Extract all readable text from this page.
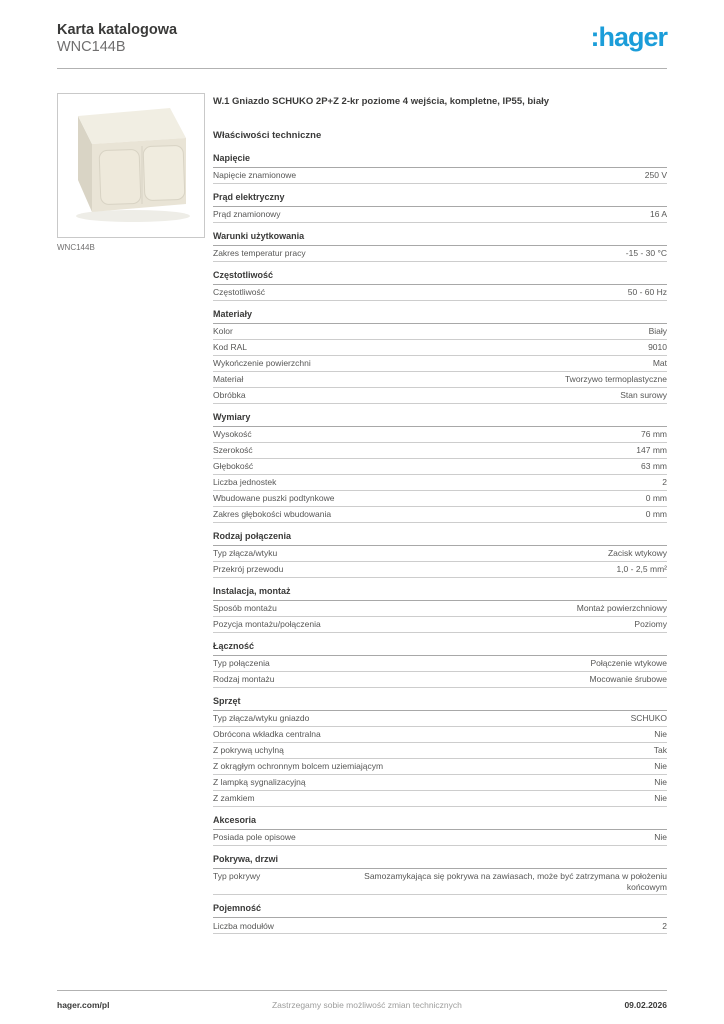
Karta katalogowa
WNC144B	:hager
WNC144B
W.1 Gniazdo SCHUKO 2P+Z 2-kr poziome 4 wejścia, kompletne, IP55, biały
Właściwości techniczne
Napięcie
Napięcie znamionowe	250 V
Prąd elektryczny
Prąd znamionowy	16 A
Warunki użytkowania
Zakres temperatur pracy	-15 - 30 °C
Częstotliwość
Częstotliwość	50 - 60 Hz
Materiały
Kolor	Biały
Kod RAL	9010
Wykończenie powierzchni	Mat
Materiał	Tworzywo termoplastyczne
Obróbka	Stan surowy
Wymiary
Wysokość	76 mm
Szerokość	147 mm
Głębokość	63 mm
Liczba jednostek	2
Wbudowane puszki podtynkowe	0 mm
Zakres głębokości wbudowania	0 mm
Rodzaj połączenia
Typ złącza/wtyku	Zacisk wtykowy
Przekrój przewodu	1,0 - 2,5 mm²
Instalacja, montaż
Sposób montażu	Montaż powierzchniowy
Pozycja montażu/połączenia	Poziomy
Łączność
Typ połączenia	Połączenie wtykowe
Rodzaj montażu	Mocowanie śrubowe
Sprzęt
Typ złącza/wtyku gniazdo	SCHUKO
Obrócona wkładka centralna	Nie
Z pokrywą uchylną	Tak
Z okrągłym ochronnym bolcem uziemiającym	Nie
Z lampką sygnalizacyjną	Nie
Z zamkiem	Nie
Akcesoria
Posiada pole opisowe	Nie
Pokrywa, drzwi
Typ pokrywy	Samozamykająca się pokrywa na zawiasach, może być zatrzymana w położeniu końcowym
Pojemność
Liczba modułów	2
hager.com/pl	Zastrzegamy sobie możliwość zmian technicznych	09.02.2026
